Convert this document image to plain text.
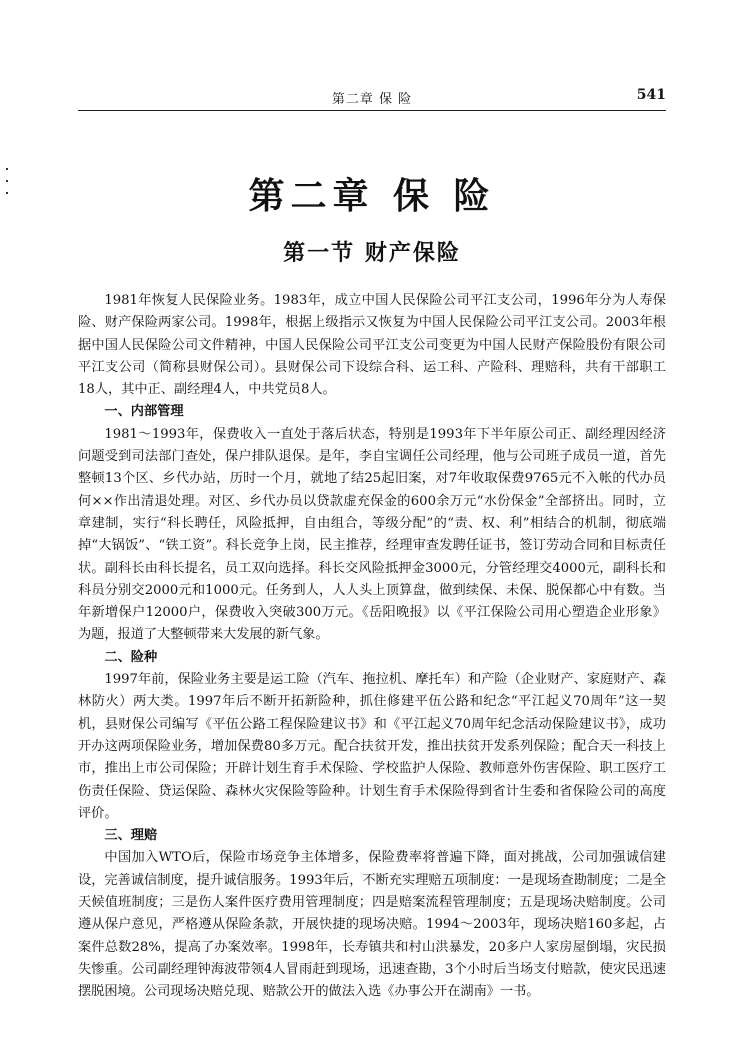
第二章 保 险	541
第二章 保 险
第一节 财产保险

1981年恢复人民保险业务。1983年，成立中国人民保险公司平江支公司，1996年分为人寿保险、财产保险两家公司。1998年，根据上级指示又恢复为中国人民保险公司平江支公司。2003年根据中国人民保险公司文件精神，中国人民保险公司平江支公司变更为中国人民财产保险股份有限公司平江支公司（简称县财保公司）。县财保公司下设综合科、运工科、产险科、理赔科，共有干部职工18人，其中正、副经理4人，中共党员8人。

一、内部管理

1981～1993年，保费收入一直处于落后状态，特别是1993年下半年原公司正、副经理因经济问题受到司法部门查处，保户排队退保。是年，李自宝调任公司经理，他与公司班子成员一道，首先整顿13个区、乡代办站，历时一个月，就地了结25起旧案，对7年收取保费9765元不入帐的代办员何××作出清退处理。对区、乡代办员以贷款虚充保金的600余万元“水份保金”全部挤出。同时，立章建制，实行“科长聘任，风险抵押，自由组合，等级分配”的“责、权、利”相结合的机制，彻底端掉“大锅饭”、“铁工资”。科长竞争上岗，民主推荐，经理审查发聘任证书，签订劳动合同和目标责任状。副科长由科长提名，员工双向选择。科长交风险抵押金3000元，分管经理交4000元，副科长和科员分别交2000元和1000元。任务到人，人人头上顶算盘，做到续保、未保、脱保都心中有数。当年新增保户12000户，保费收入突破300万元。《岳阳晚报》以《平江保险公司用心塑造企业形象》为题，报道了大整顿带来大发展的新气象。

二、险种

1997年前，保险业务主要是运工险（汽车、拖拉机、摩托车）和产险（企业财产、家庭财产、森林防火）两大类。1997年后不断开拓新险种，抓住修建平伍公路和纪念“平江起义70周年”这一契机，县财保公司编写《平伍公路工程保险建议书》和《平江起义70周年纪念活动保险建议书》，成功开办这两项保险业务，增加保费80多万元。配合扶贫开发，推出扶贫开发系列保险；配合天一科技上市，推出上市公司保险；开辟计划生育手术保险、学校监护人保险、教师意外伤害保险、职工医疗工伤责任保险、贷运保险、森林火灾保险等险种。计划生育手术保险得到省计生委和省保险公司的高度评价。

三、理赔

中国加入WTO后，保险市场竞争主体增多，保险费率将普遍下降，面对挑战，公司加强诚信建设，完善诚信制度，提升诚信服务。1993年后，不断充实理赔五项制度：一是现场查勘制度；二是全天候值班制度；三是伤人案件医疗费用管理制度；四是赔案流程管理制度；五是现场决赔制度。公司遵从保户意见，严格遵从保险条款，开展快捷的现场决赔。1994～2003年，现场决赔160多起，占案件总数28%，提高了办案效率。1998年，长寿镇共和村山洪暴发，20多户人家房屋倒塌，灾民损失惨重。公司副经理钟海波带领4人冒雨赶到现场，迅速查勘，3个小时后当场支付赔款，使灾民迅速摆脱困境。公司现场决赔兑现、赔款公开的做法入选《办事公开在湖南》一书。
